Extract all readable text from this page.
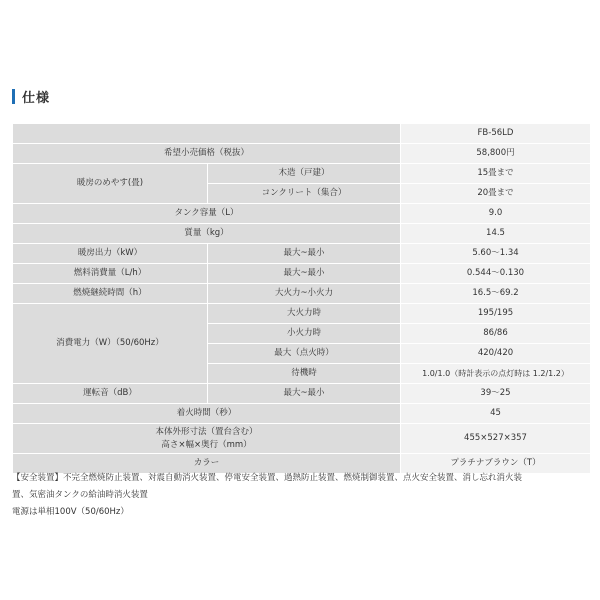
仕様
		FB-56LD
希望小売価格（税抜）		58,800円
暖房のめやす(畳)	木造（戸建）	15畳まで
	コンクリート（集合）	20畳まで
タンク容量（L）		9.0
質量（kg）		14.5
暖房出力（kW）	最大~最小	5.60～1.34
燃料消費量（L/h）	最大~最小	0.544～0.130
燃焼継続時間（h）	大火力~小火力	16.5～69.2
消費電力（W）（50/60Hz）	大火力時	195/195
	小火力時	86/86
	最大（点火時）	420/420
	待機時	1.0/1.0（時計表示の点灯時は 1.2/1.2）
運転音（dB）	最大~最小	39～25
着火時間（秒）		45

本体外形寸法（置台含む）
高さ×幅×奥行（mm）		455×527×357
カラー		プラチナブラウン（T）
【安全装置】不完全燃焼防止装置、対震自動消火装置、停電安全装置、過熱防止装置、燃焼制御装置、点火安全装置、消し忘れ消火装
置、気密油タンクの給油時消火装置
電源は単相100V（50/60Hz）
